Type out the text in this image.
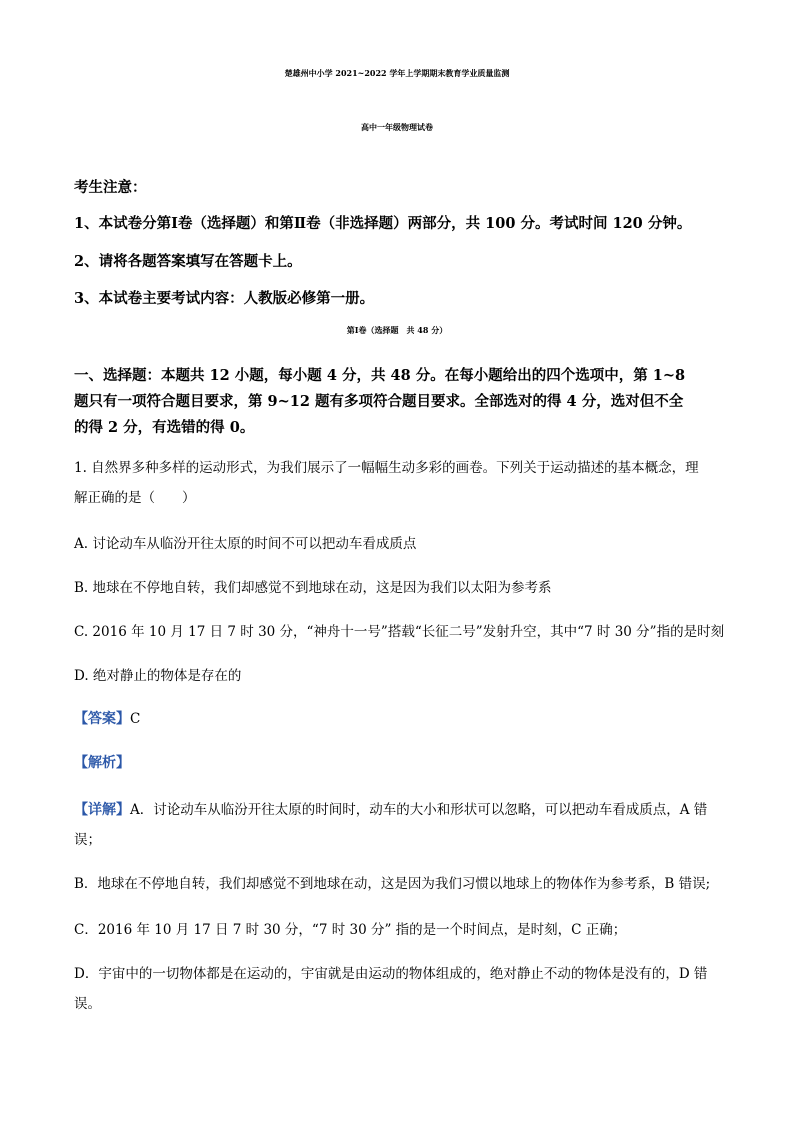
楚雄州中小学 2021~2022 学年上学期期末教育学业质量监测
高中一年级物理试卷
考生注意：
1、本试卷分第Ⅰ卷（选择题）和第Ⅱ卷（非选择题）两部分，共 100 分。考试时间 120 分钟。
2、请将各题答案填写在答题卡上。
3、本试卷主要考试内容：人教版必修第一册。
第Ⅰ卷（选择题　共 48 分）
一、选择题：本题共 12 小题，每小题 4 分，共 48 分。在每小题给出的四个选项中，第 1~8
题只有一项符合题目要求，第 9~12 题有多项符合题目要求。全部选对的得 4 分，选对但不全
的得 2 分，有选错的得 0。
1. 自然界多种多样的运动形式，为我们展示了一幅幅生动多彩的画卷。下列关于运动描述的基本概念，理
解正确的是（　　）
A. 讨论动车从临汾开往太原的时间不可以把动车看成质点
B. 地球在不停地自转，我们却感觉不到地球在动，这是因为我们以太阳为参考系
C. 2016 年 10 月 17 日 7 时 30 分，“神舟十一号”搭载“长征二号”发射升空，其中“7 时 30 分”指的是时刻
D. 绝对静止的物体是存在的
【答案】C
【解析】
【详解】A．讨论动车从临汾开往太原的时间时，动车的大小和形状可以忽略，可以把动车看成质点，A 错
误；
B．地球在不停地自转，我们却感觉不到地球在动，这是因为我们习惯以地球上的物体作为参考系，B 错误;
C．2016 年 10 月 17 日 7 时 30 分，“7 时 30 分” 指的是一个时间点，是时刻，C 正确；
D．宇宙中的一切物体都是在运动的，宇宙就是由运动的物体组成的，绝对静止不动的物体是没有的，D 错
误。
